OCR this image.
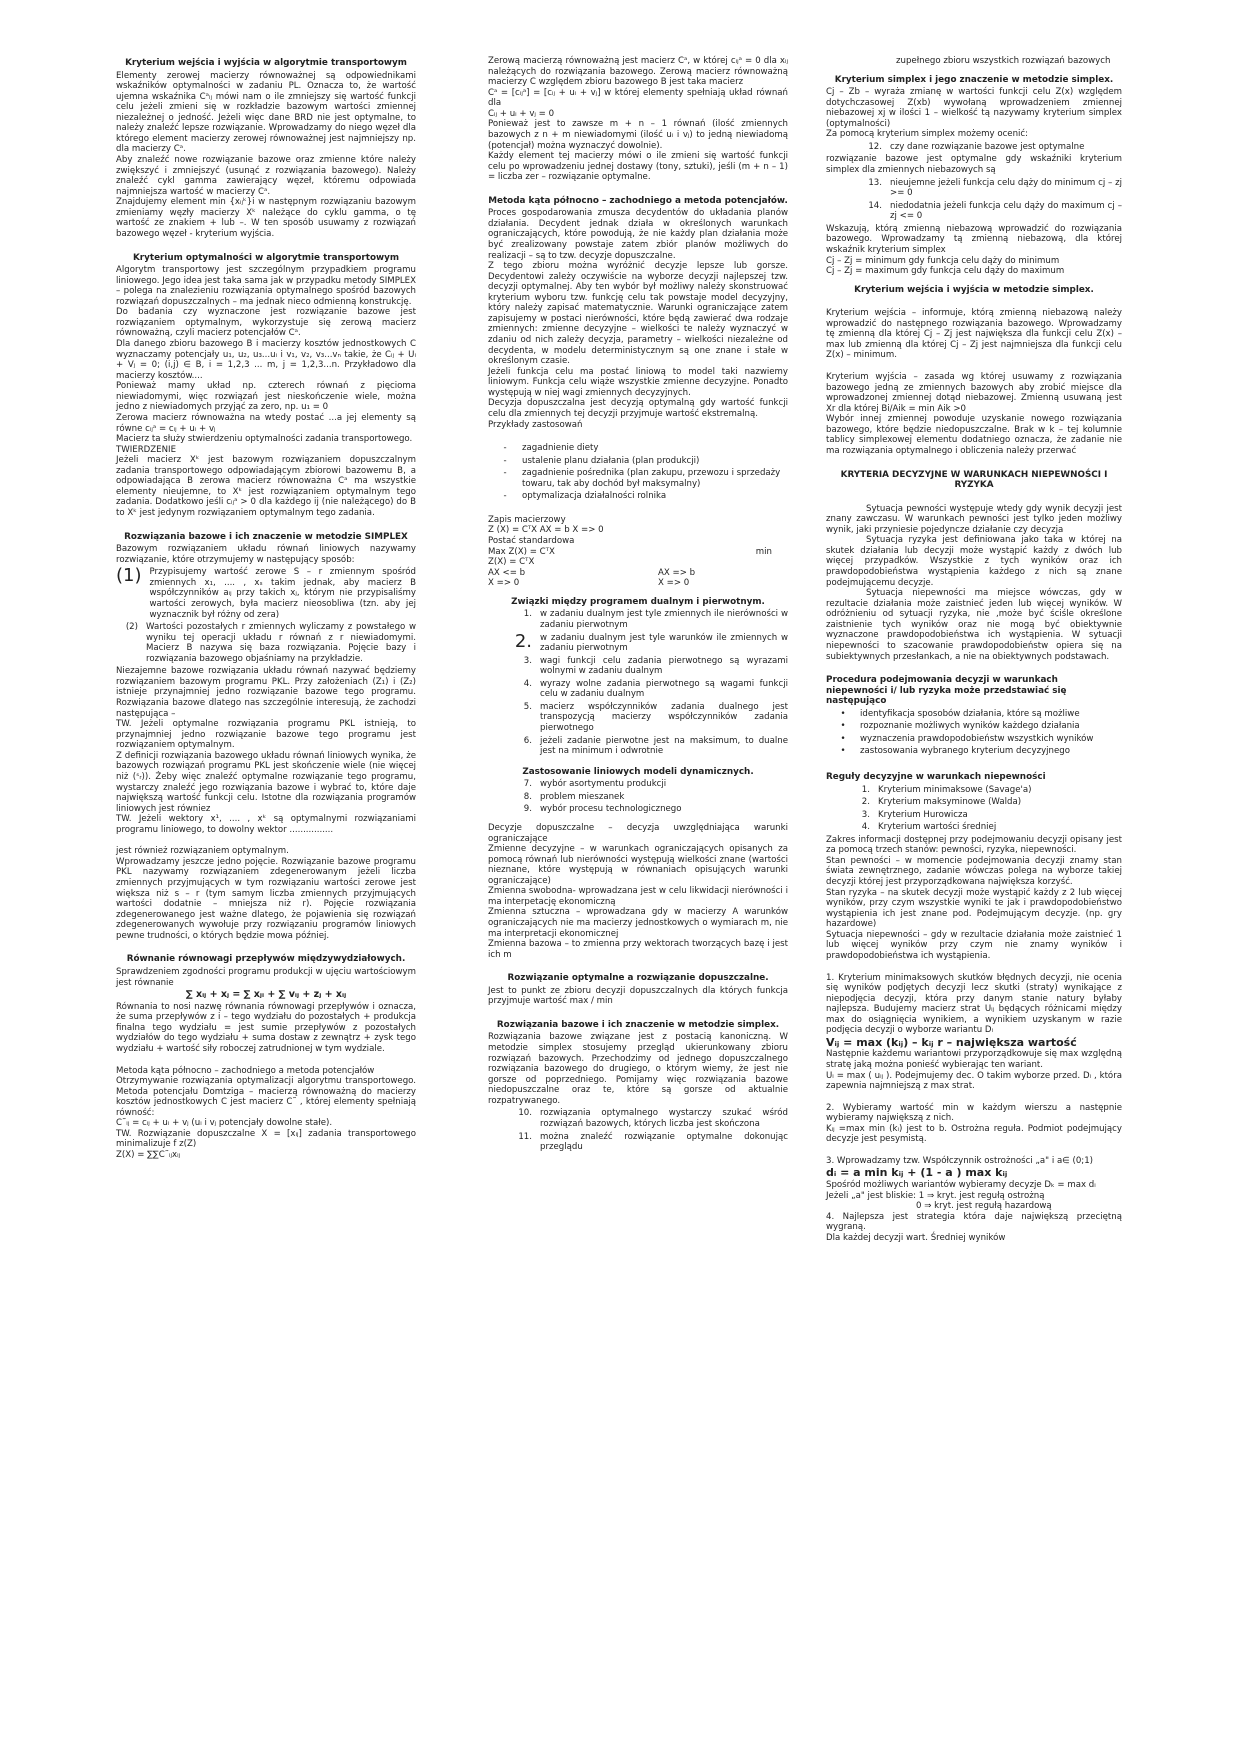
Kryterium wejścia i wyjścia w algorytmie transportowym

Elementy zerowej macierzy równoważnej są odpowiednikami wskaźników optymalności w zadaniu PL. Oznacza to, że wartość ujemna wskaźnika Cᵃᵢⱼ mówi nam o ile zmniejszy się wartość funkcji celu jeżeli zmieni się w rozkładzie bazowym wartości zmiennej niezależnej o jedność. Jeżeli więc dane BRD nie jest optymalne, to należy znaleźć lepsze rozwiązanie. Wprowadzamy do niego węzeł dla którego element macierzy zerowej równoważnej jest najmniejszy np. dla macierzy Cᵃ.

Aby znaleźć nowe rozwiązanie bazowe oraz zmienne które należy zwiększyć i zmniejszyć (usunąć z rozwiązania bazowego). Należy znaleźć cykl gamma zawierający węzeł, któremu odpowiada najmniejsza wartość w macierzy Cᵃ.

Znajdujemy element min {xᵢⱼᵏ}i w następnym rozwiązaniu bazowym zmieniamy węzły macierzy Xᵏ należące do cyklu gamma, o tę wartość ze znakiem + lub –. W ten sposób usuwamy z rozwiązań bazowego węzeł - kryterium wyjścia.

Kryterium optymalności w algorytmie transportowym

Algorytm transportowy jest szczególnym przypadkiem programu liniowego. Jego idea jest taka sama jak w przypadku metody SIMPLEX – polega na znalezieniu rozwiązania optymalnego spośród bazowych rozwiązań dopuszczalnych – ma jednak nieco odmienną konstrukcję.

Do badania czy wyznaczone jest rozwiązanie bazowe jest rozwiązaniem optymalnym, wykorzystuje się zerową macierz równoważną, czyli macierz potencjałów Cᵃ.

Dla danego zbioru bazowego B i macierzy kosztów jednostkowych C wyznaczamy potencjały u₁, u₂, u₃...uᵢ i v₁, v₂, v₃...vₙ takie, że Cᵢⱼ + Uᵢ + Vⱼ = 0; (i,j) ∈ B, i = 1,2,3 ... m, j = 1,2,3...n. Przykładowo dla macierzy kosztów....

Ponieważ mamy układ np. czterech równań z pięcioma niewiadomymi, więc rozwiązań jest nieskończenie wiele, można jedno z niewiadomych przyjąć za zero, np. u₁ = 0

Zerowa macierz równoważna na wtedy postać ...a jej elementy są równe cᵢⱼᵃ = cᵢⱼ + uᵢ + vⱼ

Macierz ta służy stwierdzeniu optymalności zadania transportowego.

TWIERDZENIE

Jeżeli macierz Xᵏ jest bazowym rozwiązaniem dopuszczalnym zadania transportowego odpowiadającym zbiorowi bazowemu B, a odpowiadająca B zerowa macierz równoważna Cᵃ ma wszystkie elementy nieujemne, to Xᵏ jest rozwiązaniem optymalnym tego zadania. Dodatkowo jeśli cᵢⱼᵃ > 0 dla każdego ij (nie należącego) do B to Xᵏ jest jedynym rozwiązaniem optymalnym tego zadania.

Rozwiązania bazowe i ich znaczenie w metodzie SIMPLEX

Bazowym rozwiązaniem układu równań liniowych nazywamy rozwiązanie, które otrzymujemy w następujący sposób:

(1) Przypisujemy wartość zerowe S – r zmiennym spośród zmiennych x₁, .... , xₛ takim jednak, aby macierz B współczynników aᵢⱼ przy takich xⱼ, którym nie przypisaliśmy wartości zerowych, była macierz nieosobliwa (tzn. aby jej wyznacznik był różny od zera)
(2) Wartości pozostałych r zmiennych wyliczamy z powstałego w wyniku tej operacji układu r równań z r niewiadomymi. Macierz B nazywa się baza rozwiązania. Pojęcie bazy i rozwiązania bazowego objaśniamy na przykładzie.

Niezajemne bazowe rozwiązania układu równań nazywać będziemy rozwiązaniem bazowym programu PKL. Przy założeniach (Z₁) i (Z₂) istnieje przynajmniej jedno rozwiązanie bazowe tego programu. Rozwiązania bazowe dlatego nas szczególnie interesują, że zachodzi następująca –

TW. Jeżeli optymalne rozwiązania programu PKL istnieją, to przynajmniej jedno rozwiązanie bazowe tego programu jest rozwiązaniem optymalnym.

Z definicji rozwiązania bazowego układu równań liniowych wynika, że bazowych rozwiązań programu PKL jest skończenie wiele (nie więcej niż (ˢᵣ)). Żeby więc znaleźć optymalne rozwiązanie tego programu, wystarczy znaleźć jego rozwiązania bazowe i wybrać to, które daje największą wartość funkcji celu. Istotne dla rozwiązania programów liniowych jest równiez

TW. Jeżeli wektory x¹, .... , xᵏ są optymalnymi rozwiązaniami programu liniowego, to dowolny wektor ................

jest również rozwiązaniem optymalnym.

Wprowadzamy jeszcze jedno pojęcie. Rozwiązanie bazowe programu PKL nazywamy rozwiązaniem zdegenerowanym jeżeli liczba zmiennych przyjmujących w tym rozwiązaniu wartości zerowe jest większa niż s – r (tym samym liczba zmiennych przyjmujących wartości dodatnie – mniejsza niż r). Pojęcie rozwiązania zdegenerowanego jest ważne dlatego, że pojawienia się rozwiązań zdegenerowanych wywołuje przy rozwiązaniu programów liniowych pewne trudności, o których będzie mowa później.

Równanie równowagi przepływów międzywydziałowych.

Sprawdzeniem zgodności programu produkcji w ujęciu wartościowym jest równanie

∑ xᵢⱼ + xⱼ = ∑ xⱼᵢ + ∑ vᵢⱼ + zⱼ + xᵢⱼ

Równania to nosi nazwę równania równowagi przepływów i oznacza, że suma przepływów z i – tego wydziału do pozostałych + produkcja finalna tego wydziału = jest sumie przepływów z pozostałych wydziałów do tego wydziału + suma dostaw z zewnątrz + zysk tego wydziału + wartość siły roboczej zatrudnionej w tym wydziale.

Metoda kąta północno – zachodniego a metoda potencjałów

Otrzymywanie rozwiązania optymalizacji algorytmu transportowego. Metoda potencjału Domtziga – macierzą równoważną do macierzy kosztów jednostkowych C jest macierz C˜ , której elementy spełniają równość:

C˜ᵢⱼ = cᵢⱼ + uᵢ + vⱼ (uᵢ i vⱼ potencjały dowolne stałe).

TW. Rozwiązanie dopuszczalne X = [xᵢⱼ] zadania transportowego minimalizuje f z(Z)

Z(X) = ∑∑C˜ᵢⱼxᵢⱼ

Zerową macierzą równoważną jest macierz Cᵃ, w której cᵢⱼᵃ = 0 dla xᵢⱼ należących do rozwiązania bazowego. Zerową macierz równoważną macierzy C względem zbioru bazowego B jest taka macierz

Cᵃ = [cᵢⱼᵃ] = [cᵢⱼ + uᵢ + vⱼ] w której elementy spełniają układ równań dla

Cᵢⱼ + uᵢ + vⱼ = 0

Ponieważ jest to zawsze m + n – 1 równań (ilość zmiennych bazowych z n + m niewiadomymi (ilość uᵢ i vⱼ) to jedną niewiadomą (potencjał) można wyznaczyć dowolnie).

Każdy element tej macierzy mówi o ile zmieni się wartość funkcji celu po wprowadzeniu jednej dostawy (tony, sztuki), jeśli (m + n – 1) = liczba zer – rozwiązanie optymalne.

Metoda kąta północno – zachodniego a metoda potencjałów.

Proces gospodarowania zmusza decydentów do układania planów działania. Decydent jednak działa w określonych warunkach ograniczających, które powodują, że nie każdy plan działania może być zrealizowany powstaje zatem zbiór planów możliwych do realizacji – są to tzw. decyzje dopuszczalne.

Z tego zbioru można wyróżnić decyzje lepsze lub gorsze. Decydentowi zależy oczywiście na wyborze decyzji najlepszej tzw. decyzji optymalnej. Aby ten wybór był możliwy należy skonstruować kryterium wyboru tzw. funkcję celu tak powstaje model decyzyjny, który należy zapisać matematycznie. Warunki ograniczające zatem zapisujemy w postaci nierówności, które będą zawierać dwa rodzaje zmiennych: zmienne decyzyjne – wielkości te należy wyznaczyć w zdaniu od nich zależy decyzja, parametry – wielkości niezależne od decydenta, w modelu deterministycznym są one znane i stałe w określonym czasie.

Jeżeli funkcja celu ma postać liniową to model taki nazwiemy liniowym. Funkcja celu wiąże wszystkie zmienne decyzyjne. Ponadto występują w niej wagi zmiennych decyzyjnych.

Decyzja dopuszczalna jest decyzją optymalną gdy wartość funkcji celu dla zmiennych tej decyzji przyjmuje wartość ekstremalną.

Przykłady zastosowań

-	zagadnienie diety
-	ustalenie planu działania (plan produkcji)
-	zagadnienie pośrednika (plan zakupu, przewozu i sprzedaży towaru, tak aby dochód był maksymalny)
-	optymalizacja działalności rolnika

Zapis macierzowy

Z (X) = CᵀX AX = b X => 0

Postać standardowa

Max Z(X) = CᵀX	min

Z(X) = CᵀX

AX <= b	AX => b
X => 0	X => 0
Związki między programem dualnym i pierwotnym.
1. w zadaniu dualnym jest tyle zmiennych ile nierówności w zadaniu pierwotnym
2. w zadaniu dualnym jest tyle warunków ile zmiennych w zadaniu pierwotnym
3. wagi funkcji celu zadania pierwotnego są wyrazami wolnymi w zadaniu dualnym
4. wyrazy wolne zadania pierwotnego są wagami funkcji celu w zadaniu dualnym
5. macierz współczynników zadania dualnego jest transpozycją macierzy współczynników zadania pierwotnego
6. jeżeli zadanie pierwotne jest na maksimum, to dualne jest na minimum i odwrotnie
Zastosowanie liniowych modeli dynamicznych.
7. wybór asortymentu produkcji
8. problem mieszanek
9. wybór procesu technologicznego

Decyzje dopuszczalne – decyzja uwzględniająca warunki ograniczające

Zmienne decyzyjne – w warunkach ograniczających opisanych za pomocą równań lub nierówności występują wielkości znane (wartości nieznane, które występują w równaniach opisujących warunki ograniczające)

Zmienna swobodna- wprowadzana jest w celu likwidacji nierówności i ma interpetację ekonomiczną

Zmienna sztuczna – wprowadzana gdy w macierzy A warunków ograniczających nie ma macierzy jednostkowych o wymiarach m, nie ma interpretacji ekonomicznej

Zmienna bazowa – to zmienna przy wektorach tworzących bazę i jest ich m

Rozwiązanie optymalne a rozwiązanie dopuszczalne.

Jest to punkt ze zbioru decyzji dopuszczalnych dla których funkcja przyjmuje wartość max / min

Rozwiązania bazowe i ich znaczenie w metodzie simplex.

Rozwiązania bazowe związane jest z postacią kanoniczną. W metodzie simplex stosujemy przegląd ukierunkowany zbioru rozwiązań bazowych. Przechodzimy od jednego dopuszczalnego rozwiązania bazowego do drugiego, o którym wiemy, że jest nie gorsze od poprzedniego. Pomijamy więc rozwiązania bazowe niedopuszczalne oraz te, które są gorsze od aktualnie rozpatrywanego.

10. rozwiązania optymalnego wystarczy szukać wśród rozwiązań bazowych, których liczba jest skończona
11. można znaleźć rozwiązanie optymalne dokonując przeglądu

zupełnego zbioru wszystkich rozwiązań bazowych

Kryterium simplex i jego znaczenie w metodzie simplex.

Cj – Zb – wyraża zmianę w wartości funkcji celu Z(x) względem dotychczasowej Z(xb) wywołaną wprowadzeniem zmiennej niebazowej xj w ilości 1 – wielkość tą nazywamy kryterium simplex (optymalności)

Za pomocą kryterium simplex możemy ocenić:

12. czy dane rozwiązanie bazowe jest optymalne

rozwiązanie bazowe jest optymalne gdy wskaźniki kryterium simplex dla zmiennych niebazowych są

13. nieujemne jeżeli funkcja celu dąży do minimum cj – zj >= 0
14. niedodatnia jeżeli funkcja celu dąży do maximum cj – zj <= 0

Wskazują, którą zmienną niebazową wprowadzić do rozwiązania bazowego. Wprowadzamy tą zmienną niebazową, dla której wskaźnik kryterium simplex

Cj – Zj = minimum gdy funkcja celu dąży do minimum

Cj – Zj = maximum gdy funkcja celu dąży do maximum

Kryterium wejścia i wyjścia w metodzie simplex.

Kryterium wejścia – informuje, którą zmienną niebazową należy wprowadzić do następnego rozwiązania bazowego. Wprowadzamy tę zmienną dla której Cj – Zj jest największa dla funkcji celu Z(x) – max lub zmienną dla której Cj – Zj jest najmniejsza dla funkcji celu Z(x) – minimum.

Kryterium wyjścia – zasada wg której usuwamy z rozwiązania bazowego jedną ze zmiennych bazowych aby zrobić miejsce dla wprowadzonej zmiennej dotąd niebazowej. Zmienną usuwaną jest Xr dla której Bi/Aik = min Aik >0

Wybór innej zmiennej powoduje uzyskanie nowego rozwiązania bazowego, które będzie niedopuszczalne. Brak w k – tej kolumnie tablicy simplexowej elementu dodatniego oznacza, że zadanie nie ma rozwiązania optymalnego i obliczenia należy przerwać

KRYTERIA DECYZYJNE W WARUNKACH NIEPEWNOŚCI I RYZYKA

Sytuacja pewności występuje wtedy gdy wynik decyzji jest znany zawczasu. W warunkach pewności jest tylko jeden możliwy wynik, jaki przyniesie pojedyncze działanie czy decyzja

Sytuacja ryzyka jest definiowana jako taka w której na skutek działania lub decyzji może wystąpić każdy z dwóch lub więcej przypadków. Wszystkie z tych wyników oraz ich prawdopodobieństwa wystąpienia każdego z nich są znane podejmującemu decyzje.

Sytuacja niepewności ma miejsce wówczas, gdy w rezultacie działania może zaistnieć jeden lub więcej wyników. W odróżnieniu od sytuacji ryzyka, nie ,może być ściśle określone zaistnienie tych wyników oraz nie mogą być obiektywnie wyznaczone prawdopodobieństwa ich wystąpienia. W sytuacji niepewności to szacowanie prawdopodobieństw opiera się na subiektywnych przesłankach, a nie na obiektywnych podstawach.

Procedura podejmowania decyzji w warunkach niepewności i/ lub ryzyka może przedstawiać się następująco
•	identyfikacja sposobów działania, które są możliwe
•	rozpoznanie możliwych wyników każdego działania
•	wyznaczenia prawdopodobieństw wszystkich wyników
•	zastosowania wybranego kryterium decyzyjnego
Reguły decyzyjne w warunkach niepewności
1. Kryterium minimaksowe (Savage'a)
2. Kryterium maksyminowe (Walda)
3. Kryterium Hurowicza
4. Kryterium wartości średniej

Zakres informacji dostępnej przy podejmowaniu decyzji opisany jest za pomocą trzech stanów: pewności, ryzyka, niepewności.

Stan pewności – w momencie podejmowania decyzji znamy stan świata zewnętrznego, zadanie wówczas polega na wyborze takiej decyzji której jest przyporządkowana największa korzyść.

Stan ryzyka – na skutek decyzji może wystąpić każdy z 2 lub więcej wyników, przy czym wszystkie wyniki te jak i prawdopodobieństwo wystąpienia ich jest znane pod. Podejmującym decyzje. (np. gry hazardowe)

Sytuacja niepewności – gdy w rezultacie działania może zaistnieć 1 lub więcej wyników przy czym nie znamy wyników i prawdopodobieństwa ich wystąpienia.

1. Kryterium minimaksowych skutków błędnych decyzji, nie ocenia się wyników podjętych decyzji lecz skutki (straty) wynikające z niepodjęcia decyzji, która przy danym stanie natury byłaby najlepsza. Budujemy macierz strat Uᵢⱼ będących różnicami między max do osiągnięcia wynikiem, a wynikiem uzyskanym w razie podjęcia decyzji o wyborze wariantu Dᵢ

Vᵢⱼ = max (kᵢⱼ) – kᵢⱼ r – największa wartość

Następnie każdemu wariantowi przyporządkowuje się max względną stratę jaką można ponieść wybierając ten wariant.

Uᵢ = max ( uᵢⱼ ). Podejmujemy dec. O takim wyborze przed. Dᵢ , która zapewnia najmniejszą z max strat.

2. Wybieramy wartość min w każdym wierszu a następnie wybieramy największą z nich.

Kᵢⱼ =max min (kᵢ) jest to b. Ostrożna reguła. Podmiot podejmujący decyzje jest pesymistą.

3. Wprowadzamy tzw. Współczynnik ostrożności „a" i a∈ (0;1)

dᵢ = a min kᵢⱼ + (1 - a ) max kᵢⱼ

Spośród możliwych wariantów wybieramy decyzje Dₖ = max dᵢ

Jeżeli „a" jest bliskie: 1 ⇒ kryt. jest regułą ostrożną

0 ⇒ kryt. jest regułą hazardową

4. Najlepsza jest strategia która daje największą przeciętną wygraną.

Dla każdej decyzji wart. Średniej wyników
